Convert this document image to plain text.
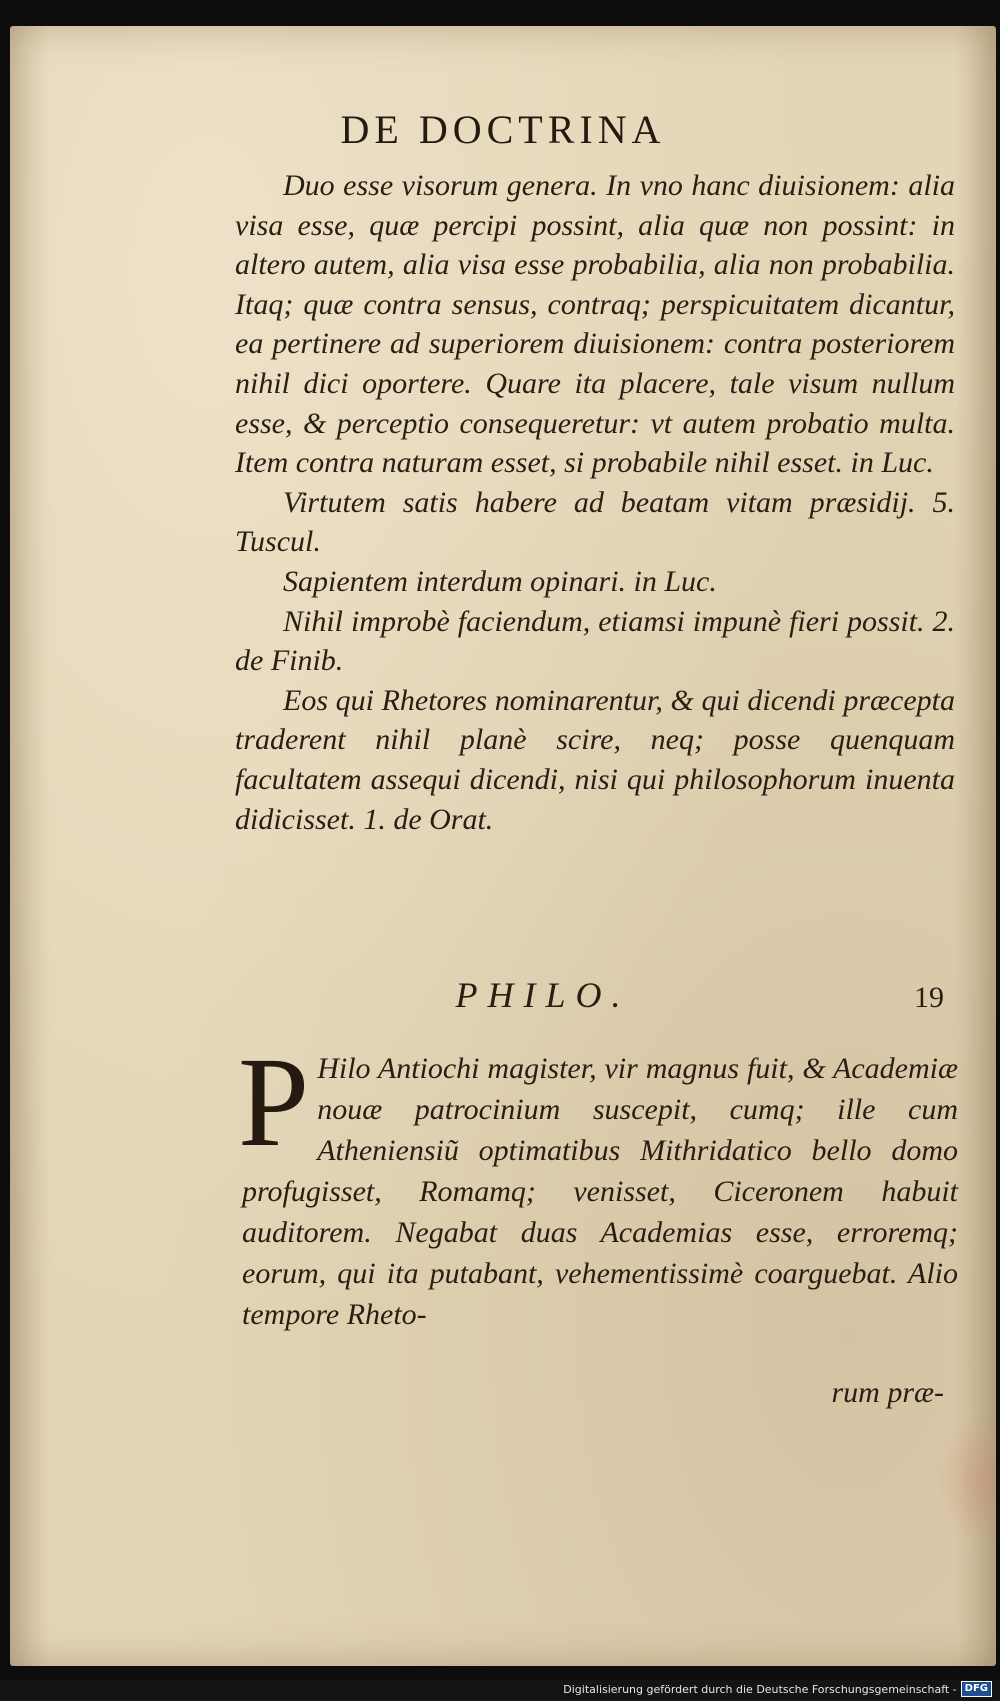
DE DOCTRINA

Duo esse visorum genera. In vno hanc diuisionem: alia visa esse, quæ percipi possint, alia quæ non possint: in altero autem, alia visa esse probabilia, alia non probabilia. Itaq; quæ contra sensus, contraq; perspicuitatem dicantur, ea pertinere ad superiorem diuisionem: contra posteriorem nihil dici oportere. Quare ita placere, tale visum nullum esse, & perceptio consequeretur: vt autem probatio multa. Item contra naturam esset, si probabile nihil esset. in Luc.

Virtutem satis habere ad beatam vitam præsidij. 5. Tuscul.

Sapientem interdum opinari. in Luc.

Nihil improbè faciendum, etiamsi impunè fieri possit. 2. de Finib.

Eos qui Rhetores nominarentur, & qui dicendi præcepta traderent nihil planè scire, neq; posse quenquam facultatem assequi dicendi, nisi qui philosophorum inuenta didicisset. 1. de Orat.

PHILO.	19
P Hilo Antiochi magister, vir magnus fuit, & Academiæ nouæ patrocinium suscepit, cumq; ille cum Atheniensiũ optimatibus Mithridatico bello domo profugisset, Romamq; venisset, Ciceronem habuit auditorem. Negabat duas Academias esse, erroremq; eorum, qui ita putabant, vehementissimè coarguebat. Alio tempore Rheto-

rum præ-
Digitalisierung gefördert durch die Deutsche Forschungsgemeinschaft - DFG
